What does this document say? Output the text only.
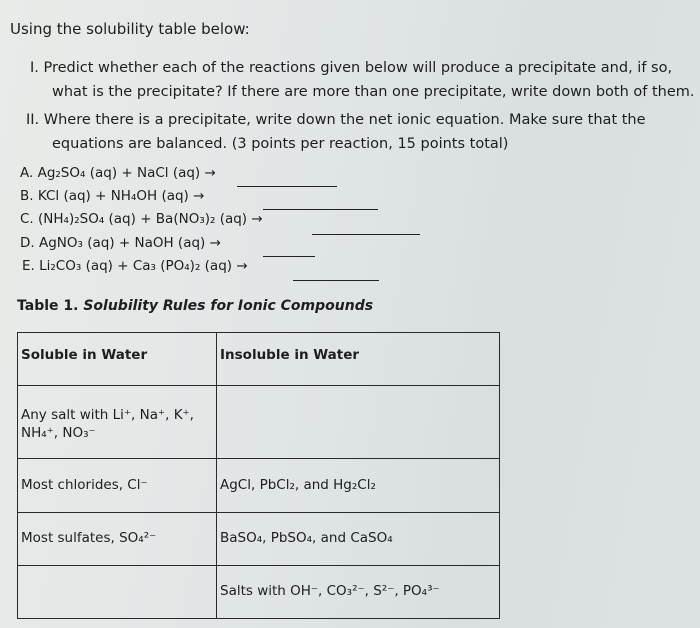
Using the solubility table below:
I. Predict whether each of the reactions given below will produce a precipitate and, if so,
what is the precipitate? If there are more than one precipitate, write down both of them.
II. Where there is a precipitate, write down the net ionic equation. Make sure that the
equations are balanced. (3 points per reaction, 15 points total)
A. Ag₂SO₄ (aq) + NaCl (aq) →
B. KCl (aq) + NH₄OH (aq) →
C. (NH₄)₂SO₄ (aq) + Ba(NO₃)₂ (aq) →
D. AgNO₃ (aq) + NaOH (aq) →
E. Li₂CO₃ (aq) + Ca₃ (PO₄)₂ (aq) →
Table 1. Solubility Rules for Ionic Compounds
Soluble in Water	Insoluble in Water
Any salt with Li⁺, Na⁺, K⁺, NH₄⁺, NO₃⁻	
Most chlorides, Cl⁻	AgCl, PbCl₂, and Hg₂Cl₂
Most sulfates, SO₄²⁻	BaSO₄, PbSO₄, and CaSO₄
	Salts with OH⁻, CO₃²⁻, S²⁻, PO₄³⁻
